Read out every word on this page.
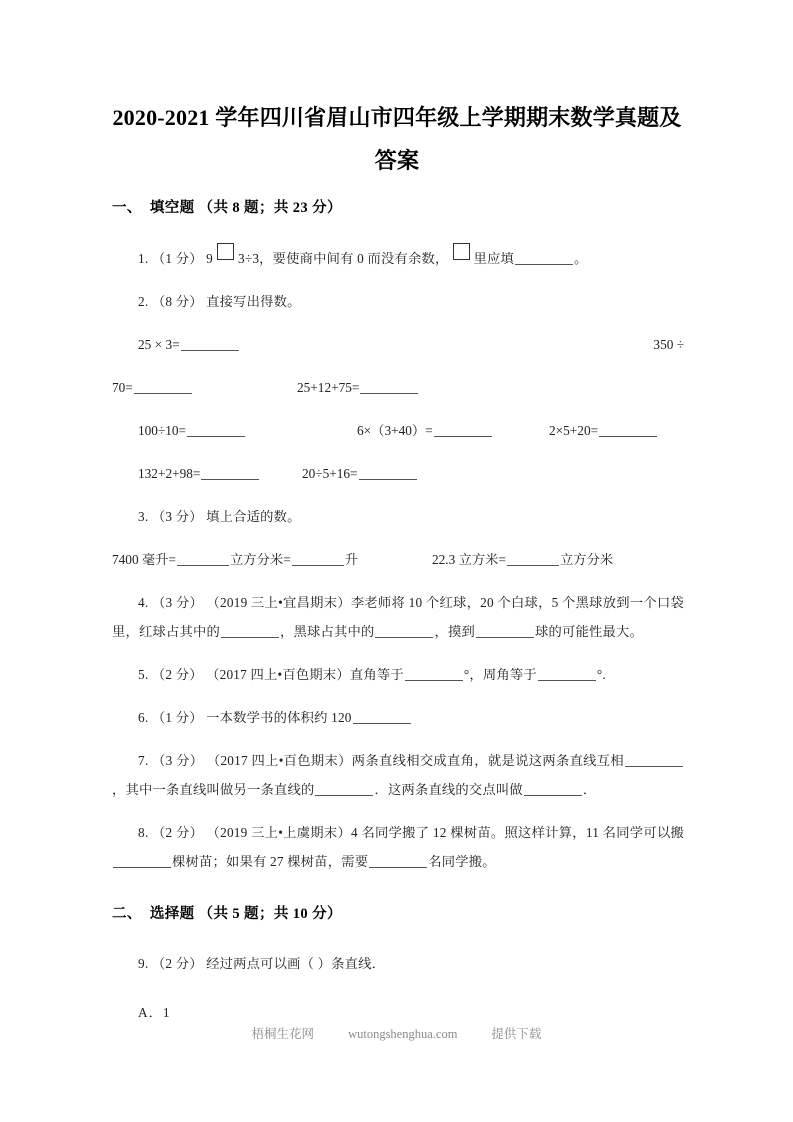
2020-2021 学年四川省眉山市四年级上学期期末数学真题及答案
一、 填空题 （共 8 题；共 23 分）
1. （1 分） 9 3÷3，要使商中间有 0 而没有余数， 里应填	。
2. （8 分） 直接写出得数。
25 × 3=	350 ÷
70=	25+12+75=
100÷10=	6×（3+40）=	2×5+20=
132+2+98=	20÷5+16=
3. （3 分） 填上合适的数。
7400 毫升=	立方分米=	升	22.3 立方米=	立方分米
4. （3 分） （2019 三上•宜昌期末）李老师将 10 个红球，20 个白球，5 个黑球放到一个口袋里，红球占其中的	，黑球占其中的	，摸到	球的可能性最大。
5. （2 分） （2017 四上•百色期末）直角等于	°，周角等于	°.
6. （1 分） 一本数学书的体积约 120
7. （3 分） （2017 四上•百色期末）两条直线相交成直角，就是说这两条直线互相，其中一条直线叫做另一条直线的	．这两条直线的交点叫做	．
8. （2 分） （2019 三上•上虞期末）4 名同学搬了 12 棵树苗。照这样计算，11 名同学可以搬棵树苗；如果有 27 棵树苗，需要	名同学搬。
二、 选择题 （共 5 题；共 10 分）
9. （2 分） 经过两点可以画（ ）条直线．
A．1
梧桐生花网	wutongshenghua.com	提供下载
